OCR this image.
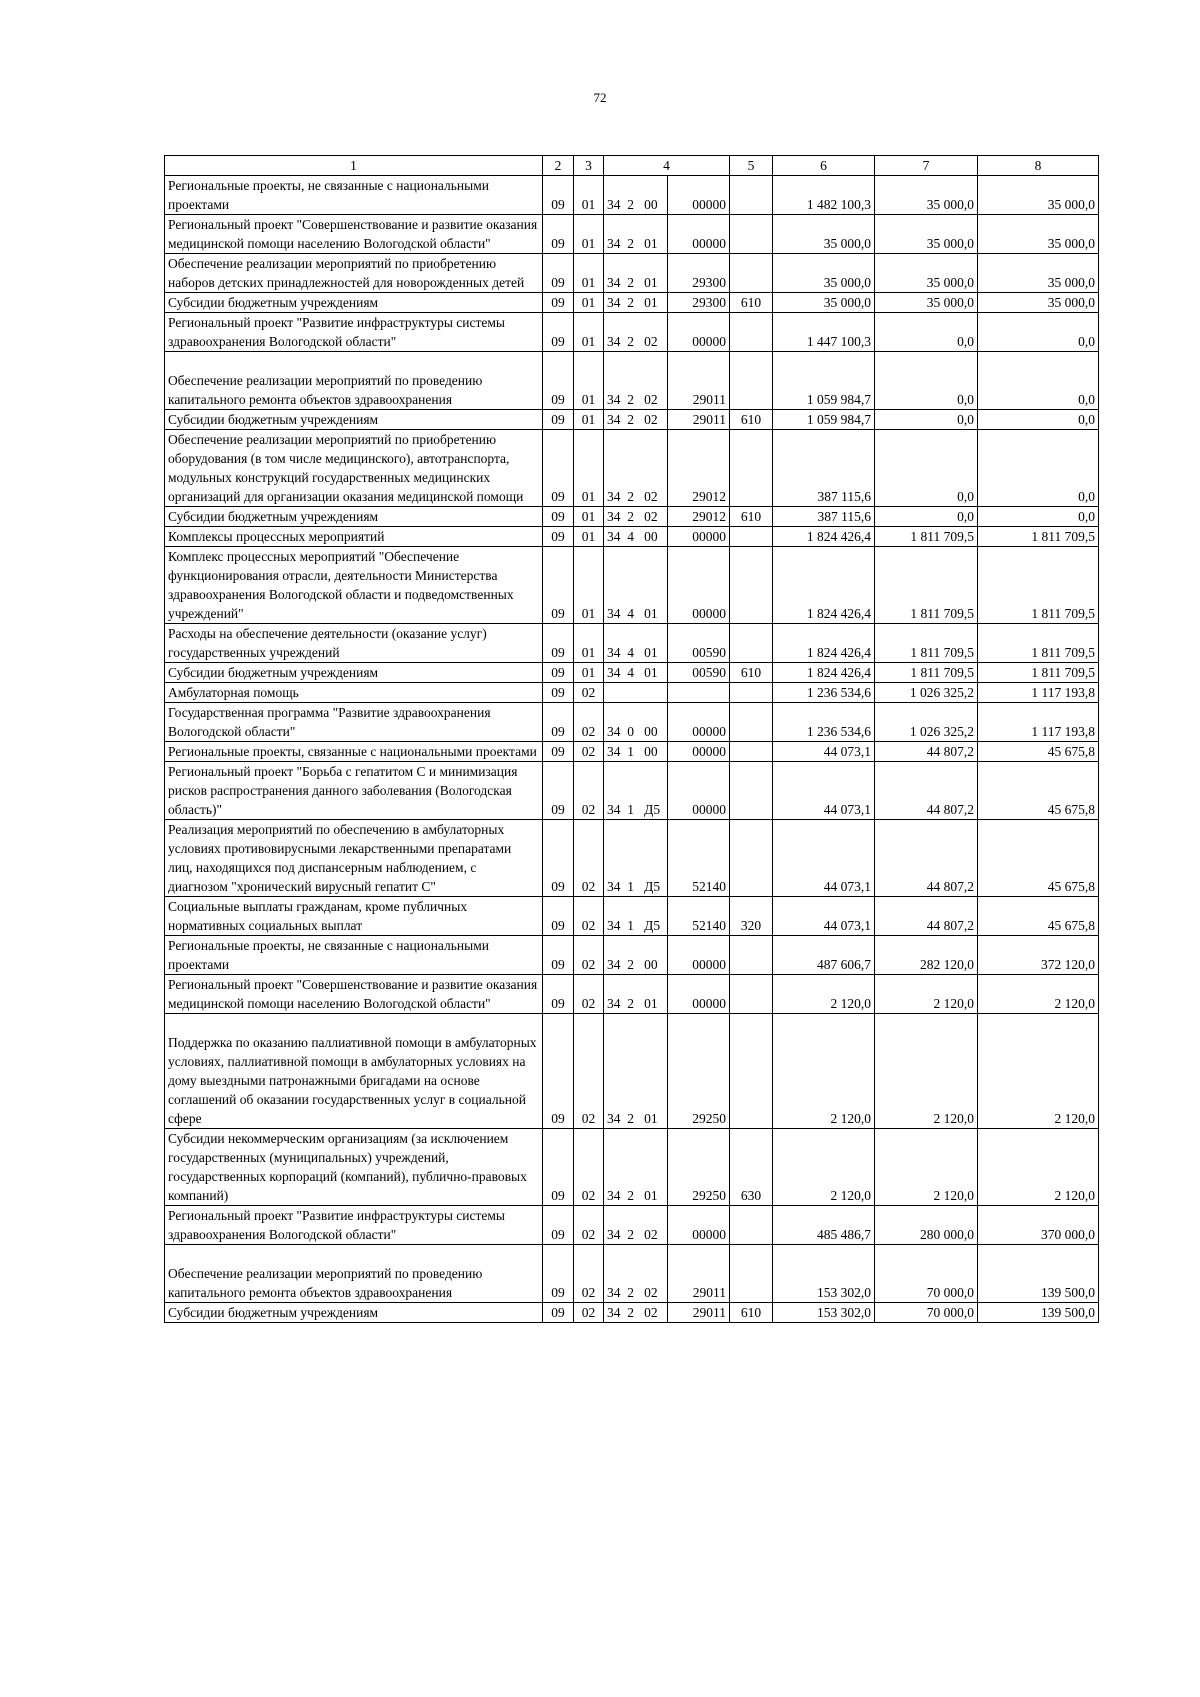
72
1	2	3	4		5	6	7	8
Региональные проекты, не связанные с национальными проектами	09	01	34  2   00	00000		1 482 100,3	35 000,0	35 000,0
Региональный проект "Совершенствование и развитие оказания медицинской помощи населению Вологодской области"	09	01	34  2   01	00000		35 000,0	35 000,0	35 000,0
Обеспечение реализации мероприятий по приобретению наборов детских принадлежностей для новорожденных детей	09	01	34  2   01	29300		35 000,0	35 000,0	35 000,0
Субсидии бюджетным учреждениям	09	01	34  2   01	29300	610	35 000,0	35 000,0	35 000,0
Региональный проект "Развитие инфраструктуры системы здравоохранения Вологодской области"	09	01	34  2   02	00000		1 447 100,3	0,0	0,0
Обеспечение реализации мероприятий по проведению капитального ремонта объектов здравоохранения	09	01	34  2   02	29011		1 059 984,7	0,0	0,0
Субсидии бюджетным учреждениям	09	01	34  2   02	29011	610	1 059 984,7	0,0	0,0
Обеспечение реализации мероприятий по приобретению оборудования (в том числе медицинского), автотранспорта, модульных конструкций государственных медицинских организаций для организации оказания медицинской помощи	09	01	34  2   02	29012		387 115,6	0,0	0,0
Субсидии бюджетным учреждениям	09	01	34  2   02	29012	610	387 115,6	0,0	0,0
Комплексы процессных мероприятий	09	01	34  4   00	00000		1 824 426,4	1 811 709,5	1 811 709,5
Комплекс процессных мероприятий "Обеспечение функционирования отрасли, деятельности Министерства здравоохранения Вологодской области и подведомственных учреждений"	09	01	34  4   01	00000		1 824 426,4	1 811 709,5	1 811 709,5
Расходы на обеспечение деятельности (оказание услуг) государственных учреждений	09	01	34  4   01	00590		1 824 426,4	1 811 709,5	1 811 709,5
Субсидии бюджетным учреждениям	09	01	34  4   01	00590	610	1 824 426,4	1 811 709,5	1 811 709,5
Амбулаторная помощь	09	02				1 236 534,6	1 026 325,2	1 117 193,8
Государственная программа "Развитие здравоохранения Вологодской области"	09	02	34  0   00	00000		1 236 534,6	1 026 325,2	1 117 193,8
Региональные проекты, связанные с национальными проектами	09	02	34  1   00	00000		44 073,1	44 807,2	45 675,8
Региональный проект "Борьба с гепатитом С и минимизация рисков распространения данного заболевания (Вологодская область)"	09	02	34  1   Д5	00000		44 073,1	44 807,2	45 675,8
Реализация мероприятий по обеспечению в амбулаторных условиях противовирусными лекарственными препаратами лиц, находящихся под диспансерным наблюдением, с диагнозом "хронический вирусный гепатит С"	09	02	34  1   Д5	52140		44 073,1	44 807,2	45 675,8
Социальные выплаты гражданам, кроме публичных нормативных социальных выплат	09	02	34  1   Д5	52140	320	44 073,1	44 807,2	45 675,8
Региональные проекты, не связанные с национальными проектами	09	02	34  2   00	00000		487 606,7	282 120,0	372 120,0
Региональный проект "Совершенствование и развитие оказания медицинской помощи населению Вологодской области"	09	02	34  2   01	00000		2 120,0	2 120,0	2 120,0
Поддержка по оказанию паллиативной помощи в амбулаторных условиях, паллиативной помощи в амбулаторных условиях на дому выездными патронажными бригадами на основе соглашений об оказании государственных услуг в социальной сфере	09	02	34  2   01	29250		2 120,0	2 120,0	2 120,0
Субсидии некоммерческим организациям (за исключением государственных (муниципальных) учреждений, государственных корпораций (компаний), публично-правовых компаний)	09	02	34  2   01	29250	630	2 120,0	2 120,0	2 120,0
Региональный проект "Развитие инфраструктуры системы здравоохранения Вологодской области"	09	02	34  2   02	00000		485 486,7	280 000,0	370 000,0
Обеспечение реализации мероприятий по проведению капитального ремонта объектов здравоохранения	09	02	34  2   02	29011		153 302,0	70 000,0	139 500,0
Субсидии бюджетным учреждениям	09	02	34  2   02	29011	610	153 302,0	70 000,0	139 500,0
